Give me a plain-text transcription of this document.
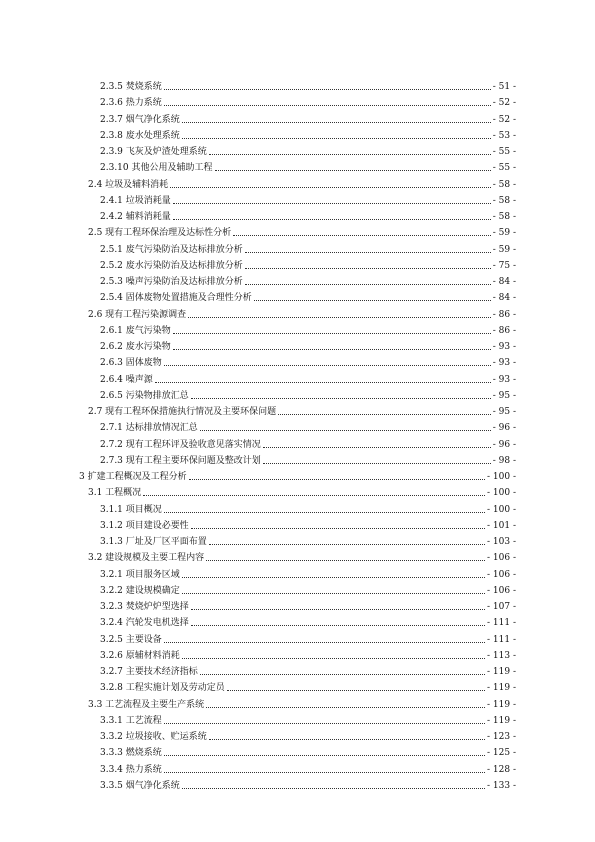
2.3.5 焚烧系统	- 51 -
2.3.6 热力系统	- 52 -
2.3.7 烟气净化系统	- 52 -
2.3.8 废水处理系统	- 53 -
2.3.9 飞灰及炉渣处理系统	- 55 -
2.3.10 其他公用及辅助工程	- 55 -
2.4 垃圾及辅料消耗	- 58 -
2.4.1 垃圾消耗量	- 58 -
2.4.2 辅料消耗量	- 58 -
2.5 现有工程环保治理及达标性分析	- 59 -
2.5.1 废气污染防治及达标排放分析	- 59 -
2.5.2 废水污染防治及达标排放分析	- 75 -
2.5.3 噪声污染防治及达标排放分析	- 84 -
2.5.4 固体废物处置措施及合理性分析	- 84 -
2.6 现有工程污染源调查	- 86 -
2.6.1 废气污染物	- 86 -
2.6.2 废水污染物	- 93 -
2.6.3 固体废物	- 93 -
2.6.4 噪声源	- 93 -
2.6.5 污染物排放汇总	- 95 -
2.7 现有工程环保措施执行情况及主要环保问题	- 95 -
2.7.1 达标排放情况汇总	- 96 -
2.7.2 现有工程环评及验收意见落实情况	- 96 -
2.7.3 现有工程主要环保问题及整改计划	- 98 -
3 扩建工程概况及工程分析	- 100 -
3.1 工程概况	- 100 -
3.1.1 项目概况	- 100 -
3.1.2 项目建设必要性	- 101 -
3.1.3 厂址及厂区平面布置	- 103 -
3.2 建设规模及主要工程内容	- 106 -
3.2.1 项目服务区域	- 106 -
3.2.2 建设规模确定	- 106 -
3.2.3 焚烧炉炉型选择	- 107 -
3.2.4 汽轮发电机选择	- 111 -
3.2.5 主要设备	- 111 -
3.2.6 原辅材料消耗	- 113 -
3.2.7 主要技术经济指标	- 119 -
3.2.8 工程实施计划及劳动定员	- 119 -
3.3 工艺流程及主要生产系统	- 119 -
3.3.1 工艺流程	- 119 -
3.3.2 垃圾接收、贮运系统	- 123 -
3.3.3 燃烧系统	- 125 -
3.3.4 热力系统	- 128 -
3.3.5 烟气净化系统	- 133 -
